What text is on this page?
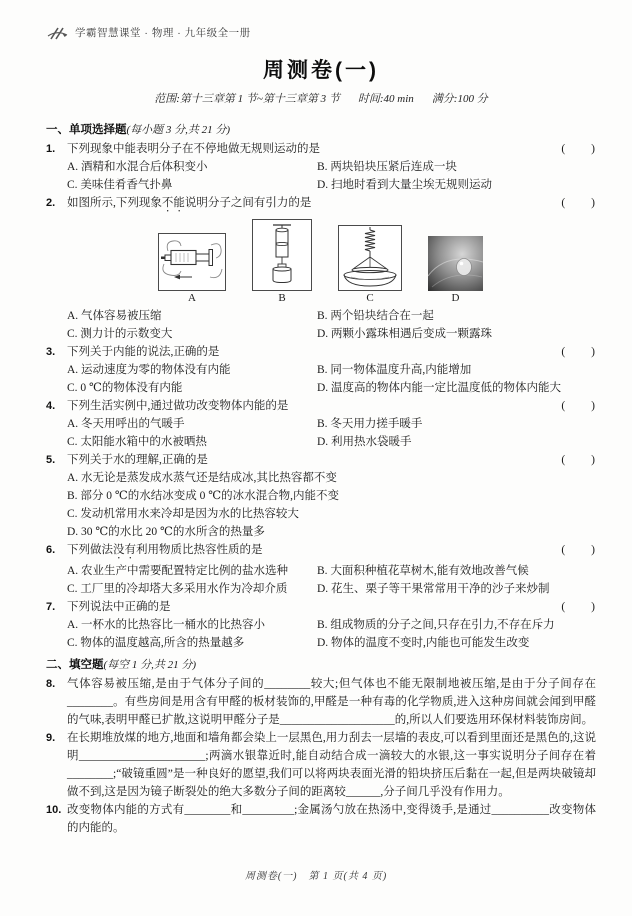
学霸智慧课堂 · 物理 · 九年级全一册
周测卷(一)
范围:第十三章第 1 节~第十三章第 3 节 时间:40 min 满分:100 分
一、单项选择题(每小题 3 分,共 21 分)
1.	下列现象中能表明分子在不停地做无规则运动的是	(　　)
A. 酒精和水混合后体积变小	B. 两块铅块压紧后连成一块
C. 美味佳肴香气扑鼻	D. 扫地时看到大量尘埃无规则运动
2.	如图所示,下列现象不能说明分子之间有引力的是	(　　)
A	B	C	D
A. 气体容易被压缩	B. 两个铅块结合在一起
C. 测力计的示数变大	D. 两颗小露珠相遇后变成一颗露珠
3.	下列关于内能的说法,正确的是	(　　)
A. 运动速度为零的物体没有内能	B. 同一物体温度升高,内能增加
C. 0 ℃的物体没有内能	D. 温度高的物体内能一定比温度低的物体内能大
4.	下列生活实例中,通过做功改变物体内能的是	(　　)
A. 冬天用呼出的气暖手	B. 冬天用力搓手暖手
C. 太阳能水箱中的水被晒热	D. 利用热水袋暖手
5.	下列关于水的理解,正确的是	(　　)
A. 水无论是蒸发成水蒸气还是结成冰,其比热容都不变
B. 部分 0 ℃的水结冰变成 0 ℃的冰水混合物,内能不变
C. 发动机常用水来冷却是因为水的比热容较大
D. 30 ℃的水比 20 ℃的水所含的热量多
6.	下列做法没有利用物质比热容性质的是	(　　)
A. 农业生产中需要配置特定比例的盐水选种	B. 大面积种植花草树木,能有效地改善气候
C. 工厂里的冷却塔大多采用水作为冷却介质	D. 花生、栗子等干果常常用干净的沙子来炒制
7.	下列说法中正确的是	(　　)
A. 一杯水的比热容比一桶水的比热容小	B. 组成物质的分子之间,只存在引力,不存在斥力
C. 物体的温度越高,所含的热量越多	D. 物体的温度不变时,内能也可能发生改变
二、填空题(每空 1 分,共 21 分)
8.	气体容易被压缩,是由于气体分子间的________较大;但气体也不能无限制地被压缩,是由于分子间存在________。有些房间是用含有甲醛的板材装饰的,甲醛是一种有毒的化学物质,进入这种房间就会闻到甲醛的气味,表明甲醛已扩散,这说明甲醛分子是____________________的,所以人们要选用环保材料装饰房间。

9.	在长期堆放煤的地方,地面和墙角都会染上一层黑色,用力刮去一层墙的表皮,可以看到里面还是黑色的,这说明______________________;两滴水银靠近时,能自动结合成一滴较大的水银,这一事实说明分子间存在着________;“破镜重圆”是一种良好的愿望,我们可以将两块表面光滑的铅块挤压后黏在一起,但是两块破镜却做不到,这是因为镜子断裂处的绝大多数分子间的距离较______,分子间几乎没有作用力。

10. 改变物体内能的方式有________和_________;金属汤勺放在热汤中,变得烫手,是通过__________改变物体的内能的。

周测卷(一)　第 1 页(共 4 页)
